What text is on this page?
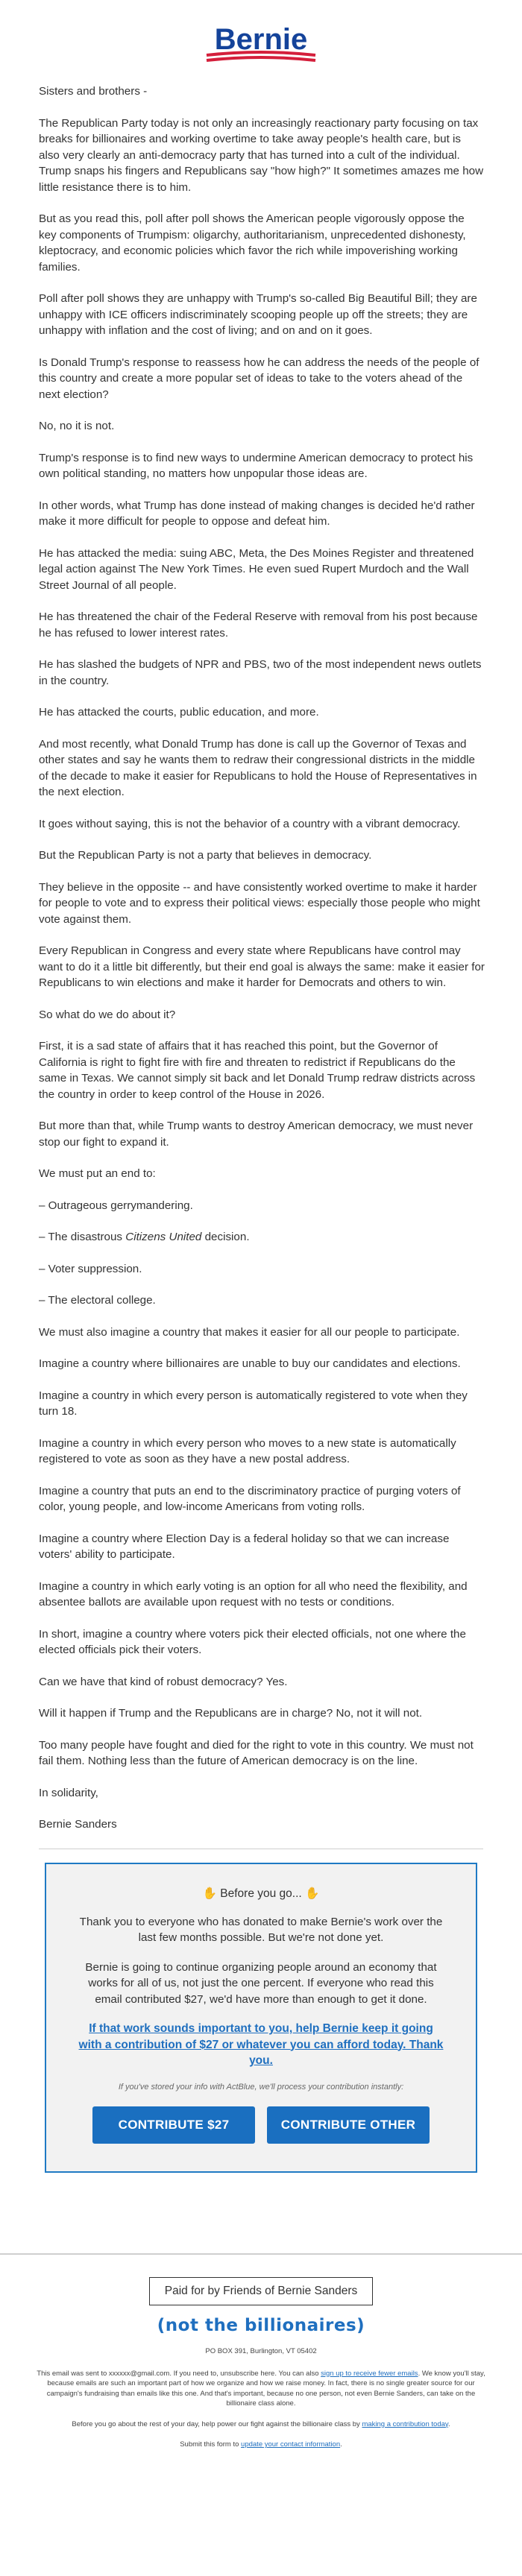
Bernie

Sisters and brothers -

The Republican Party today is not only an increasingly reactionary party focusing on tax breaks for billionaires and working overtime to take away people's health care, but is also very clearly an anti-democracy party that has turned into a cult of the individual. Trump snaps his fingers and Republicans say "how high?" It sometimes amazes me how little resistance there is to him.

But as you read this, poll after poll shows the American people vigorously oppose the key components of Trumpism: oligarchy, authoritarianism, unprecedented dishonesty, kleptocracy, and economic policies which favor the rich while impoverishing working families.

Poll after poll shows they are unhappy with Trump's so-called Big Beautiful Bill; they are unhappy with ICE officers indiscriminately scooping people up off the streets; they are unhappy with inflation and the cost of living; and on and on it goes.

Is Donald Trump's response to reassess how he can address the needs of the people of this country and create a more popular set of ideas to take to the voters ahead of the next election?

No, no it is not.

Trump's response is to find new ways to undermine American democracy to protect his own political standing, no matters how unpopular those ideas are.

In other words, what Trump has done instead of making changes is decided he'd rather make it more difficult for people to oppose and defeat him.

He has attacked the media: suing ABC, Meta, the Des Moines Register and threatened legal action against The New York Times. He even sued Rupert Murdoch and the Wall Street Journal of all people.

He has threatened the chair of the Federal Reserve with removal from his post because he has refused to lower interest rates.

He has slashed the budgets of NPR and PBS, two of the most independent news outlets in the country.

He has attacked the courts, public education, and more.

And most recently, what Donald Trump has done is call up the Governor of Texas and other states and say he wants them to redraw their congressional districts in the middle of the decade to make it easier for Republicans to hold the House of Representatives in the next election.

It goes without saying, this is not the behavior of a country with a vibrant democracy.

But the Republican Party is not a party that believes in democracy.

They believe in the opposite -- and have consistently worked overtime to make it harder for people to vote and to express their political views: especially those people who might vote against them.

Every Republican in Congress and every state where Republicans have control may want to do it a little bit differently, but their end goal is always the same: make it easier for Republicans to win elections and make it harder for Democrats and others to win.

So what do we do about it?

First, it is a sad state of affairs that it has reached this point, but the Governor of California is right to fight fire with fire and threaten to redistrict if Republicans do the same in Texas. We cannot simply sit back and let Donald Trump redraw districts across the country in order to keep control of the House in 2026.

But more than that, while Trump wants to destroy American democracy, we must never stop our fight to expand it.

We must put an end to:

– Outrageous gerrymandering.

– The disastrous Citizens United decision.

– Voter suppression.

– The electoral college.

We must also imagine a country that makes it easier for all our people to participate.

Imagine a country where billionaires are unable to buy our candidates and elections.

Imagine a country in which every person is automatically registered to vote when they turn 18.

Imagine a country in which every person who moves to a new state is automatically registered to vote as soon as they have a new postal address.

Imagine a country that puts an end to the discriminatory practice of purging voters of color, young people, and low-income Americans from voting rolls.

Imagine a country where Election Day is a federal holiday so that we can increase voters' ability to participate.

Imagine a country in which early voting is an option for all who need the flexibility, and absentee ballots are available upon request with no tests or conditions.

In short, imagine a country where voters pick their elected officials, not one where the elected officials pick their voters.

Can we have that kind of robust democracy? Yes.

Will it happen if Trump and the Republicans are in charge? No, not it will not.

Too many people have fought and died for the right to vote in this country. We must not fail them. Nothing less than the future of American democracy is on the line.

In solidarity,

Bernie Sanders

✋ Before you go... ✋

Thank you to everyone who has donated to make Bernie's work over the last few months possible. But we're not done yet.

Bernie is going to continue organizing people around an economy that works for all of us, not just the one percent. If everyone who read this email contributed $27, we'd have more than enough to get it done.

If that work sounds important to you, help Bernie keep it going with a contribution of $27 or whatever you can afford today. Thank you.
If you've stored your info with ActBlue, we'll process your contribution instantly:
CONTRIBUTE $27	CONTRIBUTE OTHER
Paid for by Friends of Bernie Sanders
(not the billionaires)
PO BOX 391, Burlington, VT 05402

This email was sent to xxxxxx@gmail.com. If you need to, unsubscribe here. You can also sign up to receive fewer emails. We know you'll stay, because emails are such an important part of how we organize and how we raise money. In fact, there is no single greater source for our campaign's fundraising than emails like this one. And that's important, because no one person, not even Bernie Sanders, can take on the billionaire class alone.

Before you go about the rest of your day, help power our fight against the billionaire class by making a contribution today.

Submit this form to update your contact information.
